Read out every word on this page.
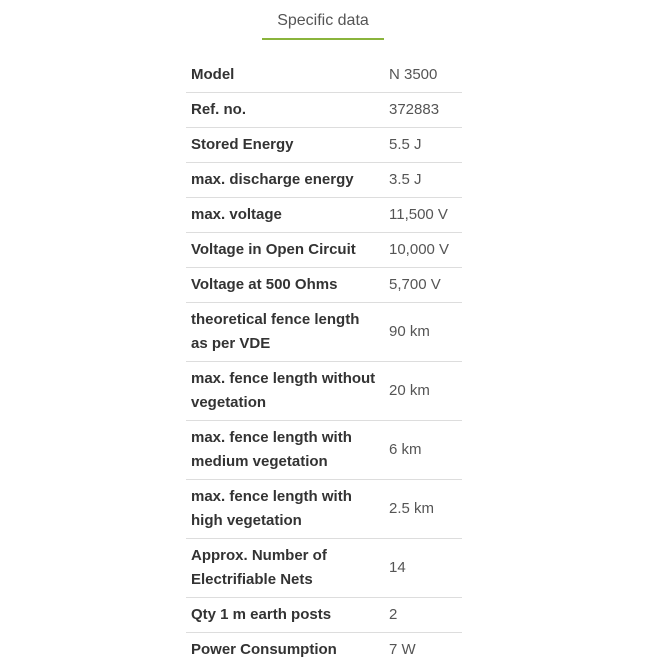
Specific data
Model	N 3500
Ref. no.	372883
Stored Energy	5.5 J
max. discharge energy	3.5 J
max. voltage	11,500 V
Voltage in Open Circuit	10,000 V
Voltage at 500 Ohms	5,700 V
theoretical fence length as per VDE	90 km
max. fence length without vegetation	20 km
max. fence length with medium vegetation	6 km
max. fence length with high vegetation	2.5 km
Approx. Number of Electrifiable Nets	14
Qty 1 m earth posts	2
Power Consumption	7 W
